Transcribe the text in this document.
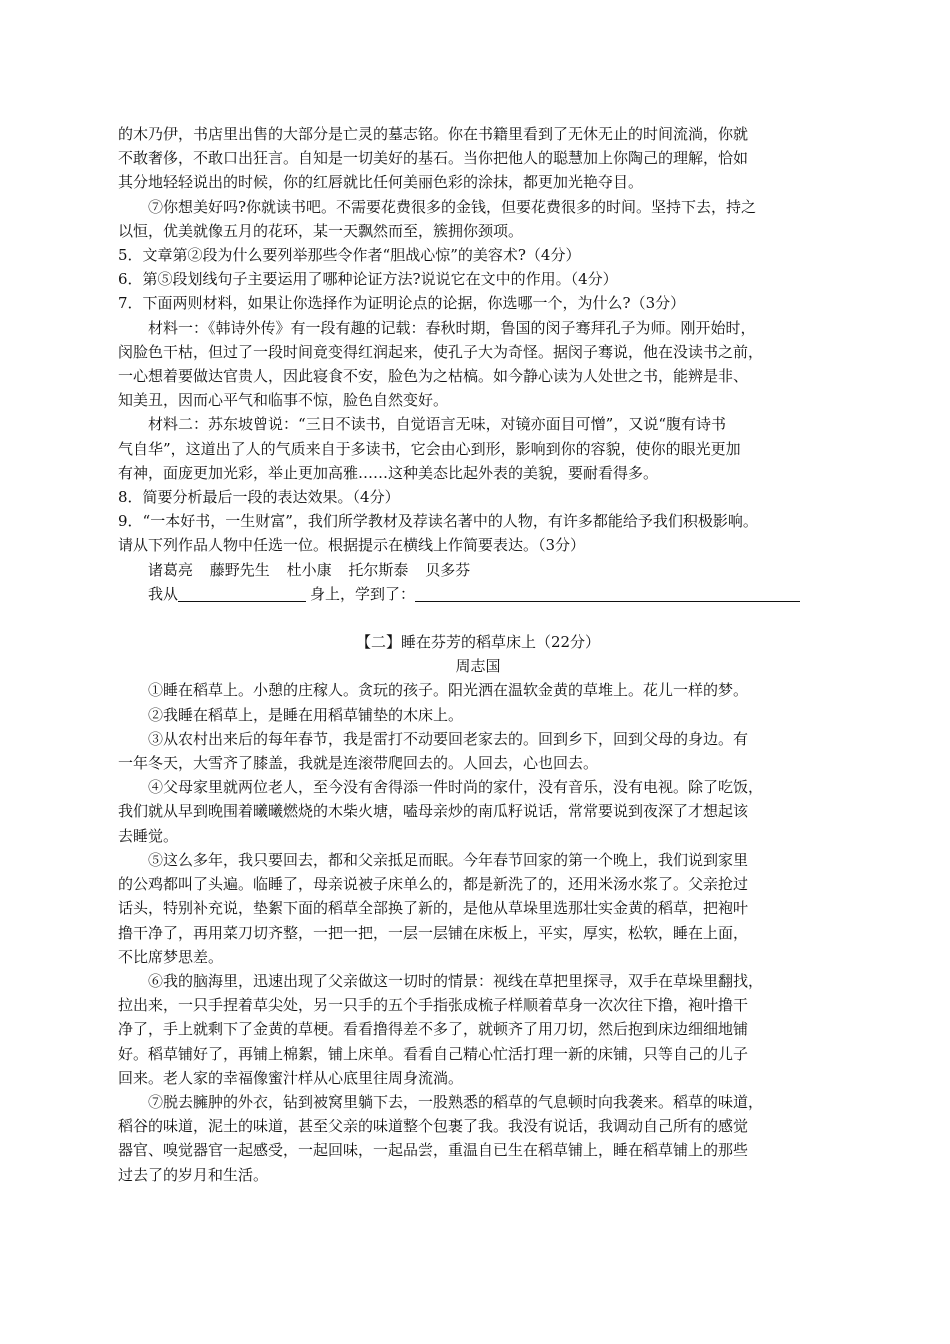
的木乃伊，书店里出售的大部分是亡灵的墓志铭。你在书籍里看到了无休无止的时间流淌，你就
不敢奢侈，不敢口出狂言。自知是一切美好的基石。当你把他人的聪慧加上你陶己的理解，恰如
其分地轻轻说出的时候，你的红唇就比任何美丽色彩的涂抹，都更加光艳夺目。
⑦你想美好吗?你就读书吧。不需要花费很多的金钱，但要花费很多的时间。坚持下去，持之
以恒，优美就像五月的花环，某一天飘然而至，簇拥你颈项。
5．文章第②段为什么要列举那些令作者“胆战心惊”的美容术?（4分）
6．第⑤段划线句子主要运用了哪种论证方法?说说它在文中的作用。（4分）
7．下面两则材料，如果让你选择作为证明论点的论据，你选哪一个，为什么?（3分）
材料一：《韩诗外传》有一段有趣的记载：春秋时期，鲁国的闵子骞拜孔子为师。刚开始时，
闵脸色干枯，但过了一段时间竟变得红润起来，使孔子大为奇怪。据闵子骞说，他在没读书之前，
一心想着要做达官贵人，因此寝食不安，脸色为之枯槁。如今静心读为人处世之书，能辨是非、
知美丑，因而心平气和临事不惊，脸色自然变好。
材料二：苏东坡曾说：“三日不读书，自觉语言无味，对镜亦面目可憎”，又说“腹有诗书
气自华”，这道出了人的气质来自于多读书，它会由心到形，影响到你的容貌，使你的眼光更加
有神，面庞更加光彩，举止更加高雅……这种美态比起外表的美貌，要耐看得多。
8．简要分析最后一段的表达效果。（4分）
9．“一本好书，一生财富”，我们所学教材及荐读名著中的人物，有许多都能给予我们积极影响。
请从下列作品人物中任选一位。根据提示在横线上作简要表达。（3分）
诸葛亮 藤野先生 杜小康 托尔斯泰 贝多芬
我从	身上，学到了：
【二】睡在芬芳的稻草床上（22分）
周志国
①睡在稻草上。小憩的庄稼人。贪玩的孩子。阳光洒在温软金黄的草堆上。花儿一样的梦。
②我睡在稻草上，是睡在用稻草铺垫的木床上。
③从农村出来后的每年春节，我是雷打不动要回老家去的。回到乡下，回到父母的身边。有
一年冬天，大雪齐了膝盖，我就是连滚带爬回去的。人回去，心也回去。
④父母家里就两位老人，至今没有舍得添一件时尚的家什，没有音乐，没有电视。除了吃饭，
我们就从早到晚围着曦曦燃烧的木柴火塘，嗑母亲炒的南瓜籽说话，常常要说到夜深了才想起该
去睡觉。
⑤这么多年，我只要回去，都和父亲抵足而眠。今年春节回家的第一个晚上，我们说到家里
的公鸡都叫了头遍。临睡了，母亲说被子床单么的，都是新洗了的，还用米汤水浆了。父亲抢过
话头，特别补充说，垫絮下面的稻草全部换了新的，是他从草垛里选那壮实金黄的稻草，把袍叶
撸干净了，再用菜刀切齐整，一把一把，一层一层铺在床板上，平实，厚实，松软，睡在上面，
不比席梦思差。
⑥我的脑海里，迅速出现了父亲做这一切时的情景：视线在草把里探寻，双手在草垛里翻找，
拉出来，一只手捏着草尖处，另一只手的五个手指张成梳子样顺着草身一次次往下撸，袍叶撸干
净了，手上就剩下了金黄的草梗。看看撸得差不多了，就顿齐了用刀切，然后抱到床边细细地铺
好。稻草铺好了，再铺上棉絮，铺上床单。看看自己精心忙活打理一新的床铺，只等自己的儿子
回来。老人家的幸福像蜜汁样从心底里往周身流淌。
⑦脱去臃肿的外衣，钻到被窝里躺下去，一股熟悉的稻草的气息顿时向我袭来。稻草的味道，
稻谷的味道，泥土的味道，甚至父亲的味道整个包裹了我。我没有说话，我调动自己所有的感觉
器官、嗅觉器官一起感受，一起回味，一起品尝，重温自已生在稻草铺上，睡在稻草铺上的那些
过去了的岁月和生活。
